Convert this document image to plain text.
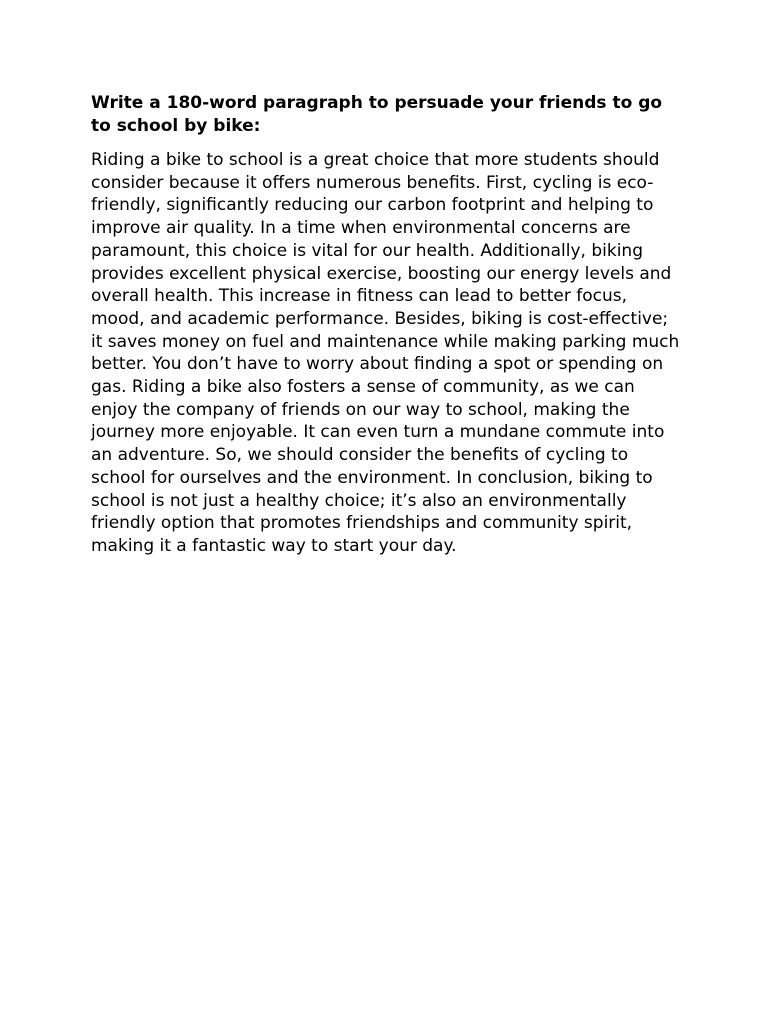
Write a 180-word paragraph to persuade your friends to go to school by bike:

Riding a bike to school is a great choice that more students should consider because it offers numerous benefits. First, cycling is eco-friendly, significantly reducing our carbon footprint and helping to improve air quality. In a time when environmental concerns are paramount, this choice is vital for our health. Additionally, biking provides excellent physical exercise, boosting our energy levels and overall health. This increase in fitness can lead to better focus, mood, and academic performance. Besides, biking is cost-effective; it saves money on fuel and maintenance while making parking much better. You don’t have to worry about finding a spot or spending on gas. Riding a bike also fosters a sense of community, as we can enjoy the company of friends on our way to school, making the journey more enjoyable. It can even turn a mundane commute into an adventure. So, we should consider the benefits of cycling to school for ourselves and the environment. In conclusion, biking to school is not just a healthy choice; it’s also an environmentally friendly option that promotes friendships and community spirit, making it a fantastic way to start your day.
